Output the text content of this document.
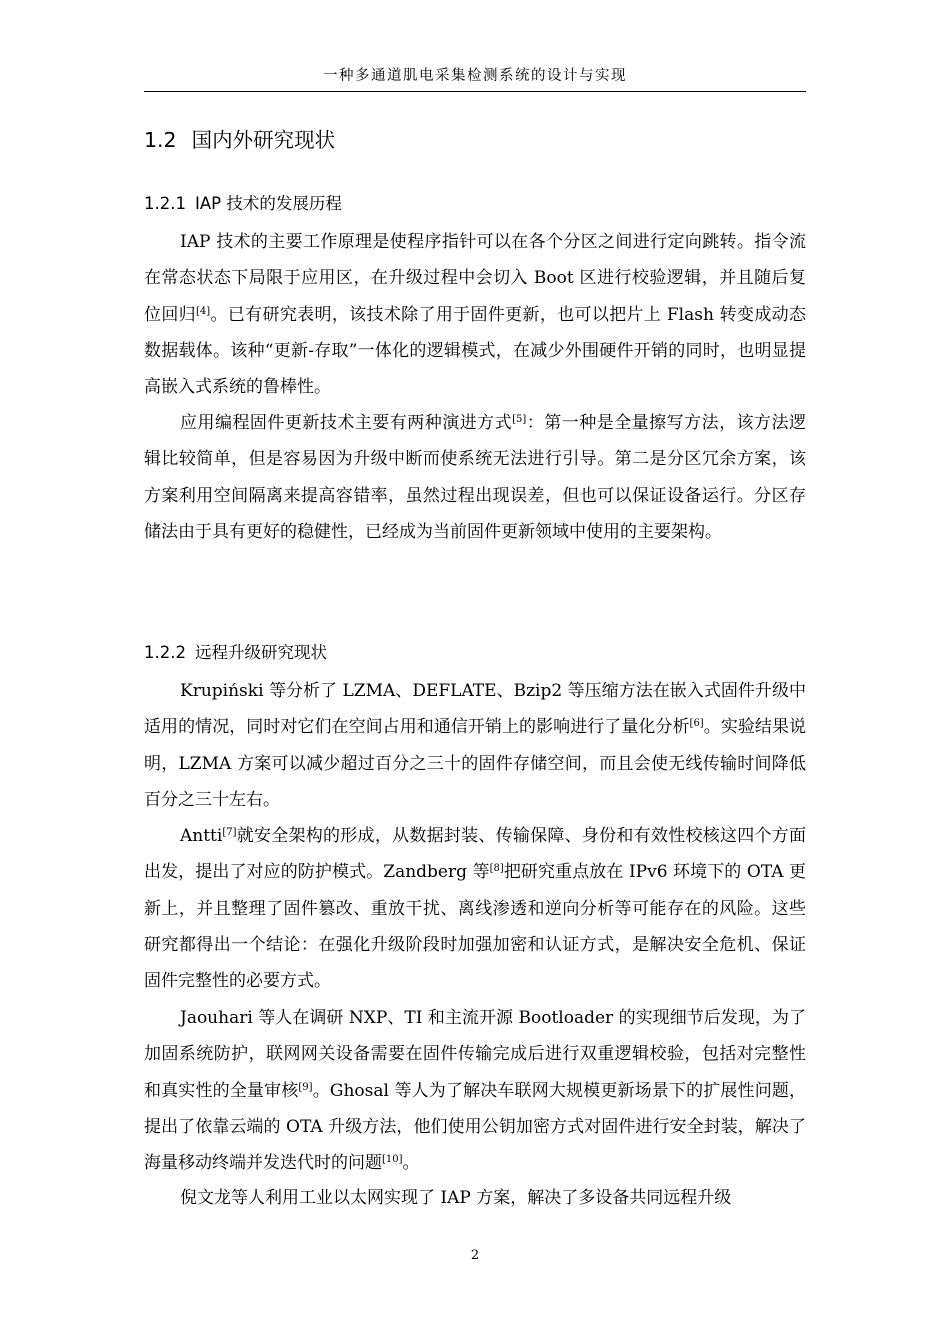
一种多通道肌电采集检测系统的设计与实现
1.2 国内外研究现状
1.2.1 IAP 技术的发展历程

IAP 技术的主要工作原理是使程序指针可以在各个分区之间进行定向跳转。指令流在常态状态下局限于应用区，在升级过程中会切入 Boot 区进行校验逻辑，并且随后复位回归[4]。已有研究表明，该技术除了用于固件更新，也可以把片上 Flash 转变成动态数据载体。该种“更新-存取”一体化的逻辑模式，在减少外围硬件开销的同时，也明显提高嵌入式系统的鲁棒性。

应用编程固件更新技术主要有两种演进方式[5]：第一种是全量擦写方法，该方法逻辑比较简单，但是容易因为升级中断而使系统无法进行引导。第二是分区冗余方案，该方案利用空间隔离来提高容错率，虽然过程出现误差，但也可以保证设备运行。分区存储法由于具有更好的稳健性，已经成为当前固件更新领域中使用的主要架构。

1.2.2 远程升级研究现状

Krupiński 等分析了 LZMA、DEFLATE、Bzip2 等压缩方法在嵌入式固件升级中适用的情况，同时对它们在空间占用和通信开销上的影响进行了量化分析[6]。实验结果说明，LZMA 方案可以减少超过百分之三十的固件存储空间，而且会使无线传输时间降低百分之三十左右。

Antti[7]就安全架构的形成，从数据封装、传输保障、身份和有效性校核这四个方面出发，提出了对应的防护模式。Zandberg 等[8]把研究重点放在 IPv6 环境下的 OTA 更新上，并且整理了固件篡改、重放干扰、离线渗透和逆向分析等可能存在的风险。这些研究都得出一个结论：在强化升级阶段时加强加密和认证方式，是解决安全危机、保证固件完整性的必要方式。

Jaouhari 等人在调研 NXP、TI 和主流开源 Bootloader 的实现细节后发现，为了加固系统防护，联网网关设备需要在固件传输完成后进行双重逻辑校验，包括对完整性和真实性的全量审核[9]。Ghosal 等人为了解决车联网大规模更新场景下的扩展性问题，提出了依靠云端的 OTA 升级方法，他们使用公钥加密方式对固件进行安全封装，解决了海量移动终端并发迭代时的问题[10]。

倪文龙等人利用工业以太网实现了 IAP 方案，解决了多设备共同远程升级

2
